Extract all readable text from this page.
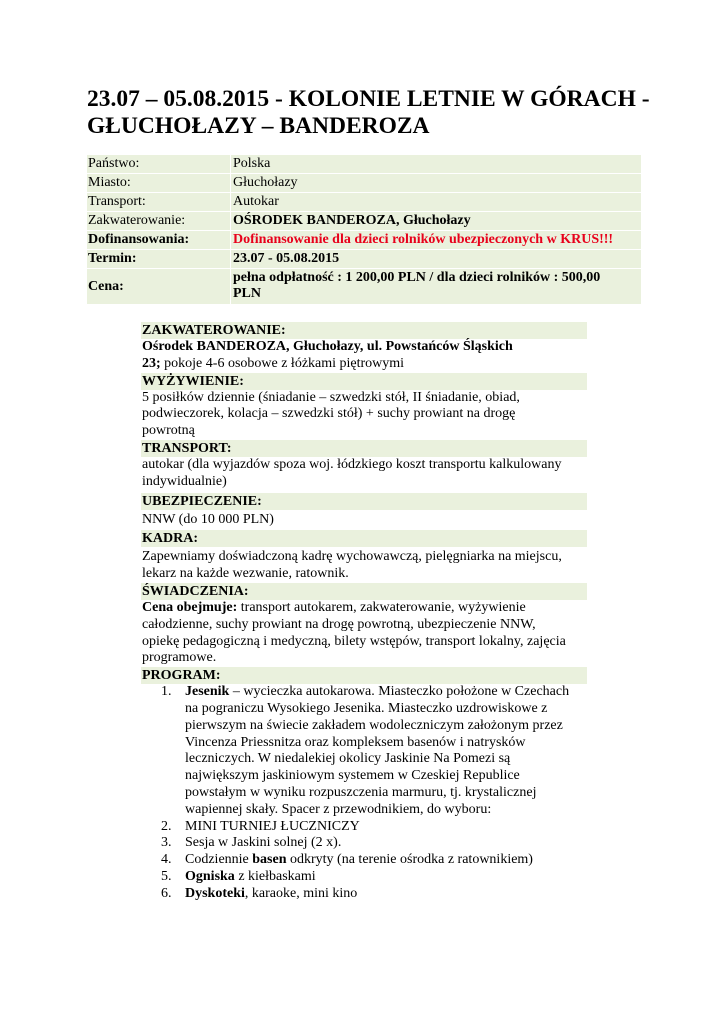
23.07 – 05.08.2015 - KOLONIE LETNIE W GÓRACH -
GŁUCHOŁAZY – BANDEROZA
Państwo:	Polska
Miasto:	Głuchołazy
Transport:	Autokar
Zakwaterowanie:	OŚRODEK BANDEROZA, Głuchołazy
Dofinansowania:	Dofinansowanie dla dzieci rolników ubezpieczonych w KRUS!!!
Termin:	23.07 - 05.08.2015
Cena:	pełna odpłatność : 1 200,00 PLN / dla dzieci rolników : 500,00
PLN
ZAKWATEROWANIE:
Ośrodek BANDEROZA, Głuchołazy, ul. Powstańców Śląskich
23; pokoje 4-6 osobowe z łóżkami piętrowymi
WYŻYWIENIE:
5 posiłków dziennie (śniadanie – szwedzki stół, II śniadanie, obiad,
podwieczorek, kolacja – szwedzki stół) + suchy prowiant na drogę
powrotną
TRANSPORT:
autokar (dla wyjazdów spoza woj. łódzkiego koszt transportu kalkulowany
indywidualnie)
UBEZPIECZENIE:
NNW (do 10 000 PLN)
KADRA:
Zapewniamy doświadczoną kadrę wychowawczą, pielęgniarka na miejscu,
lekarz na każde wezwanie, ratownik.
ŚWIADCZENIA:
Cena obejmuje: transport autokarem, zakwaterowanie, wyżywienie
całodzienne, suchy prowiant na drogę powrotną, ubezpieczenie NNW,
opiekę pedagogiczną i medyczną, bilety wstępów, transport lokalny, zajęcia
programowe.
PROGRAM:
1. Jesenik – wycieczka autokarowa. Miasteczko położone w Czechach
na pograniczu Wysokiego Jesenika. Miasteczko uzdrowiskowe z
pierwszym na świecie zakładem wodoleczniczym założonym przez
Vincenza Priessnitza oraz kompleksem basenów i natrysków
leczniczych. W niedalekiej okolicy Jaskinie Na Pomezi są
największym jaskiniowym systemem w Czeskiej Republice
powstałym w wyniku rozpuszczenia marmuru, tj. krystalicznej
wapiennej skały. Spacer z przewodnikiem, do wyboru:
2. MINI TURNIEJ ŁUCZNICZY
3. Sesja w Jaskini solnej (2 x).
4. Codziennie basen odkryty (na terenie ośrodka z ratownikiem)
5. Ogniska z kiełbaskami
6. Dyskoteki, karaoke, mini kino
